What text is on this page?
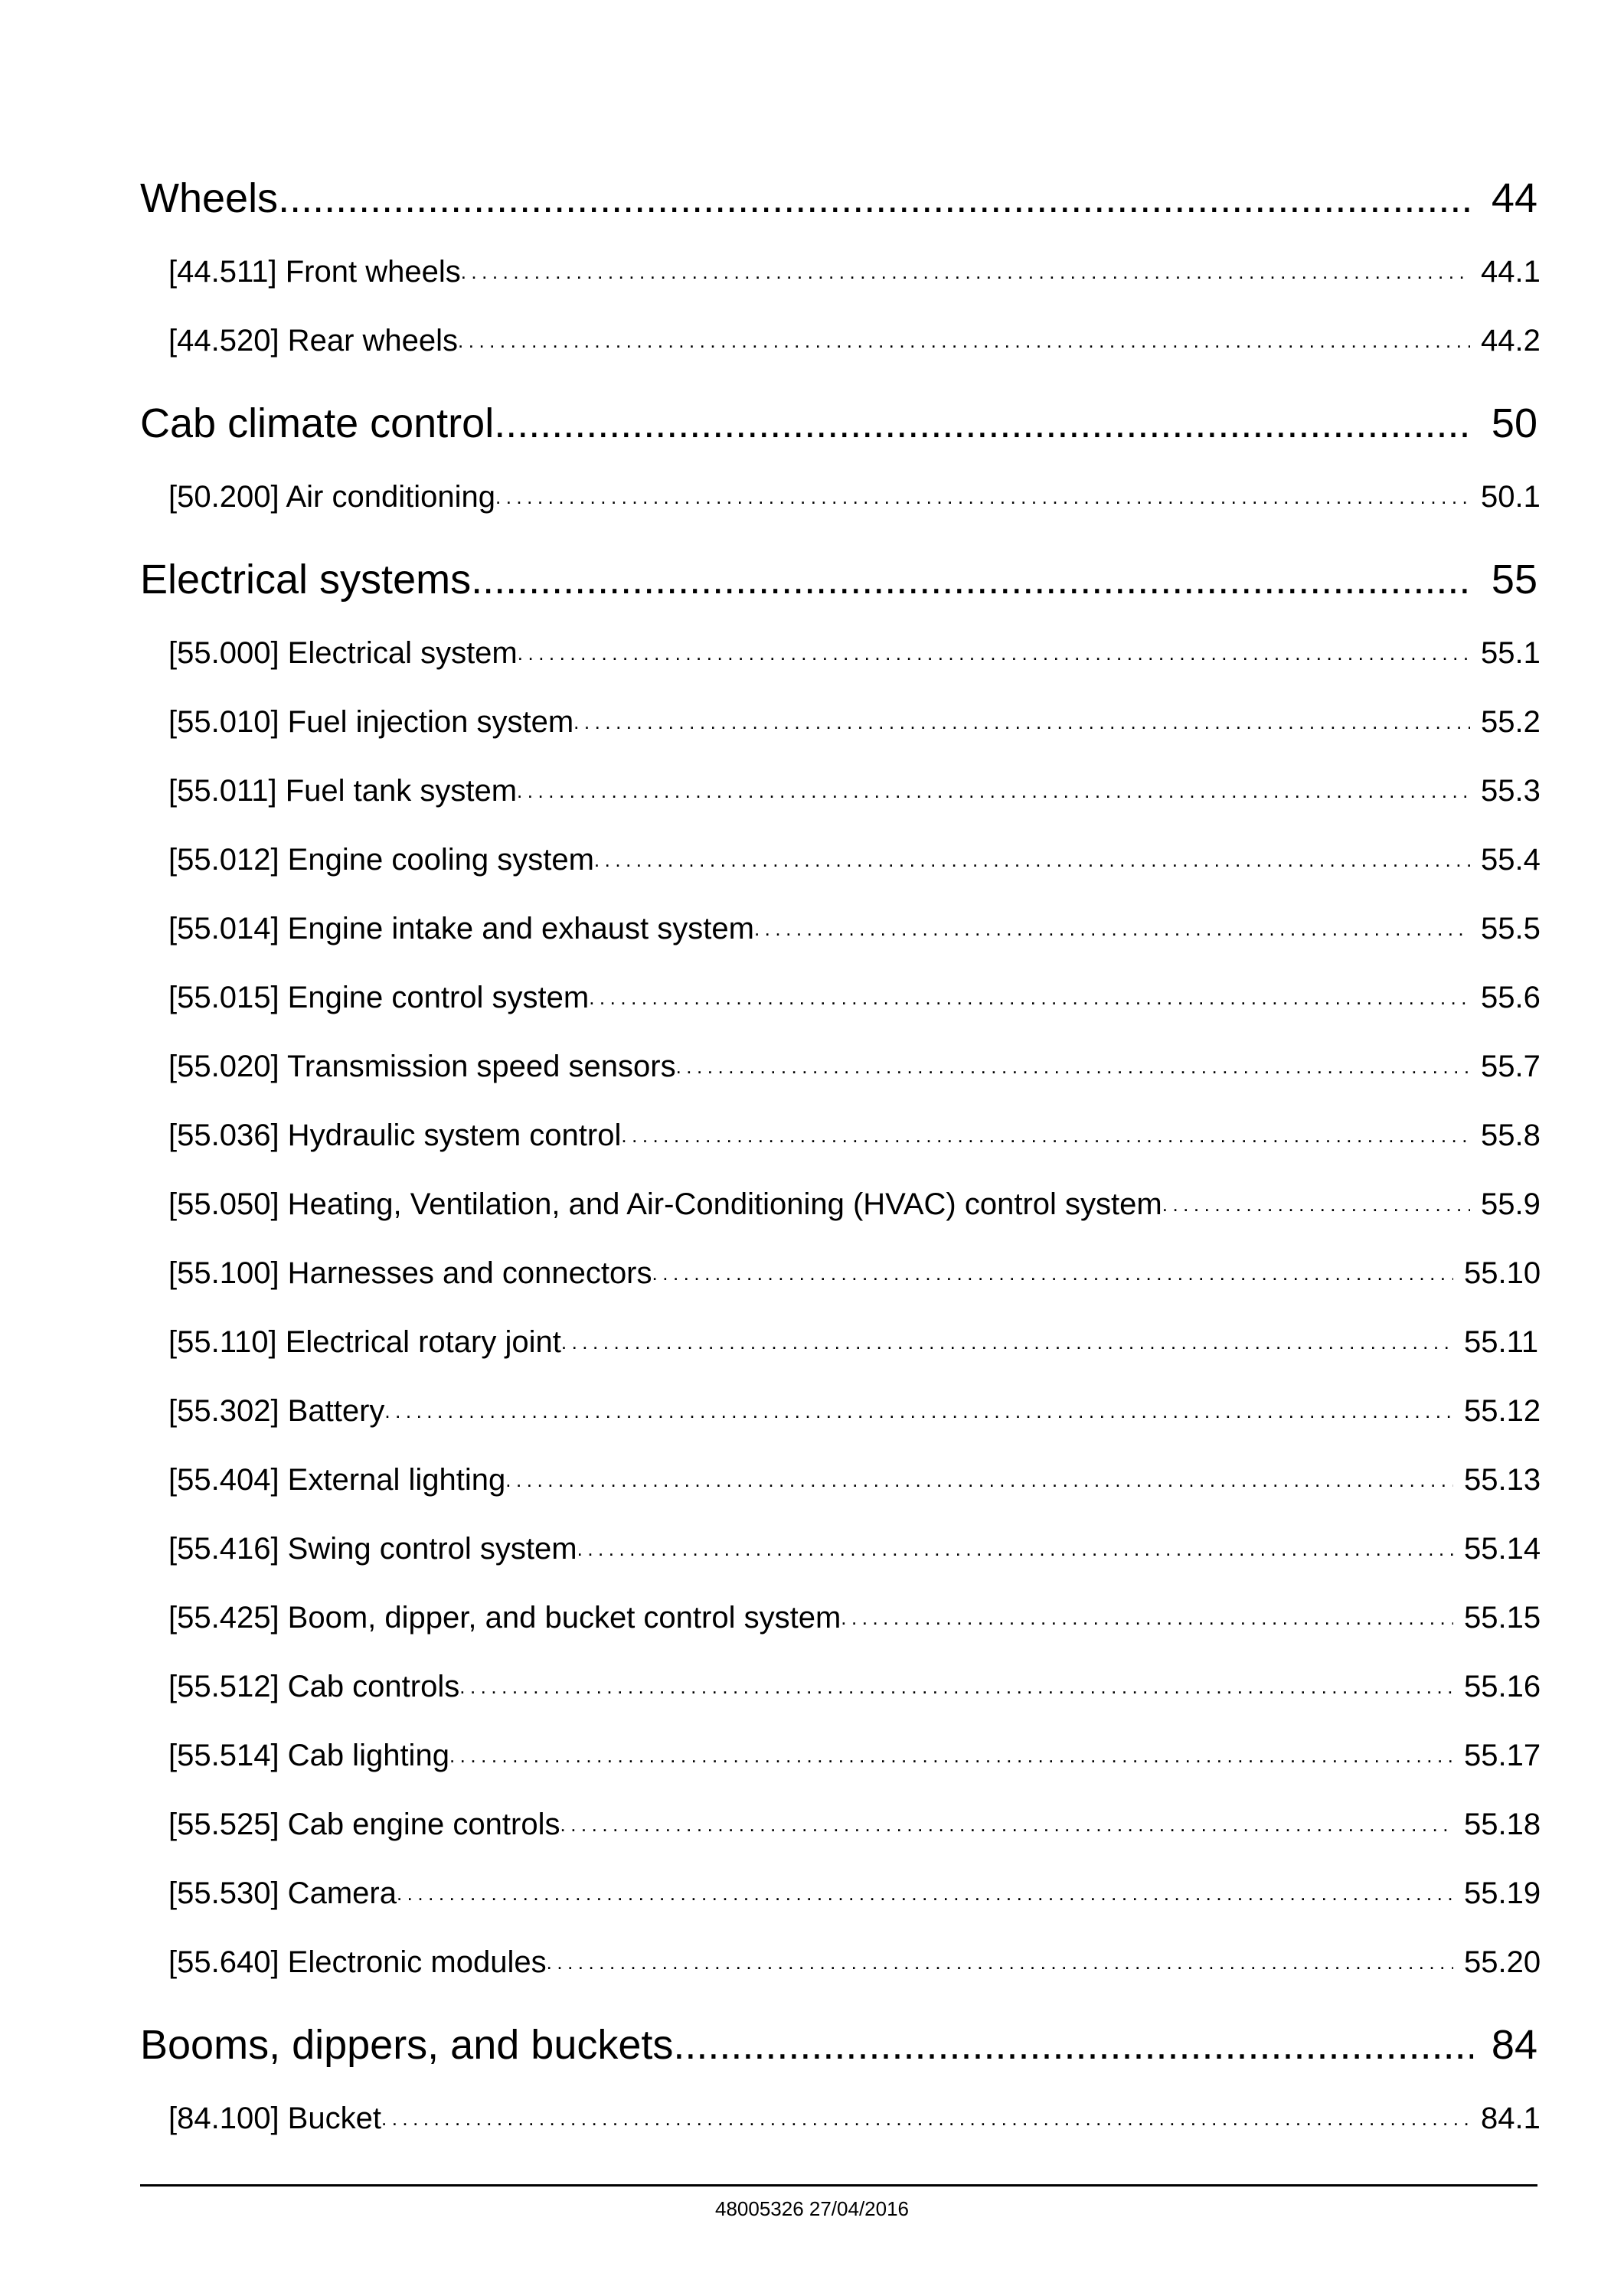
Wheels .....	44
[44.511] Front wheels .....	44.1
[44.520] Rear wheels .....	44.2
Cab climate control .....	50
[50.200] Air conditioning .....	50.1
Electrical systems .....	55
[55.000] Electrical system .....	55.1
[55.010] Fuel injection system .....	55.2
[55.011] Fuel tank system .....	55.3
[55.012] Engine cooling system .....	55.4
[55.014] Engine intake and exhaust system .....	55.5
[55.015] Engine control system .....	55.6
[55.020] Transmission speed sensors .....	55.7
[55.036] Hydraulic system control .....	55.8
[55.050] Heating, Ventilation, and Air-Conditioning (HVAC) control system .....	55.9
[55.100] Harnesses and connectors .....	55.10
[55.110] Electrical rotary joint .....	55.11
[55.302] Battery .....	55.12
[55.404] External lighting .....	55.13
[55.416] Swing control system .....	55.14
[55.425] Boom, dipper, and bucket control system .....	55.15
[55.512] Cab controls .....	55.16
[55.514] Cab lighting .....	55.17
[55.525] Cab engine controls .....	55.18
[55.530] Camera .....	55.19
[55.640] Electronic modules .....	55.20
Booms, dippers, and buckets .....	84
[84.100] Bucket .....	84.1
48005326 27/04/2016
